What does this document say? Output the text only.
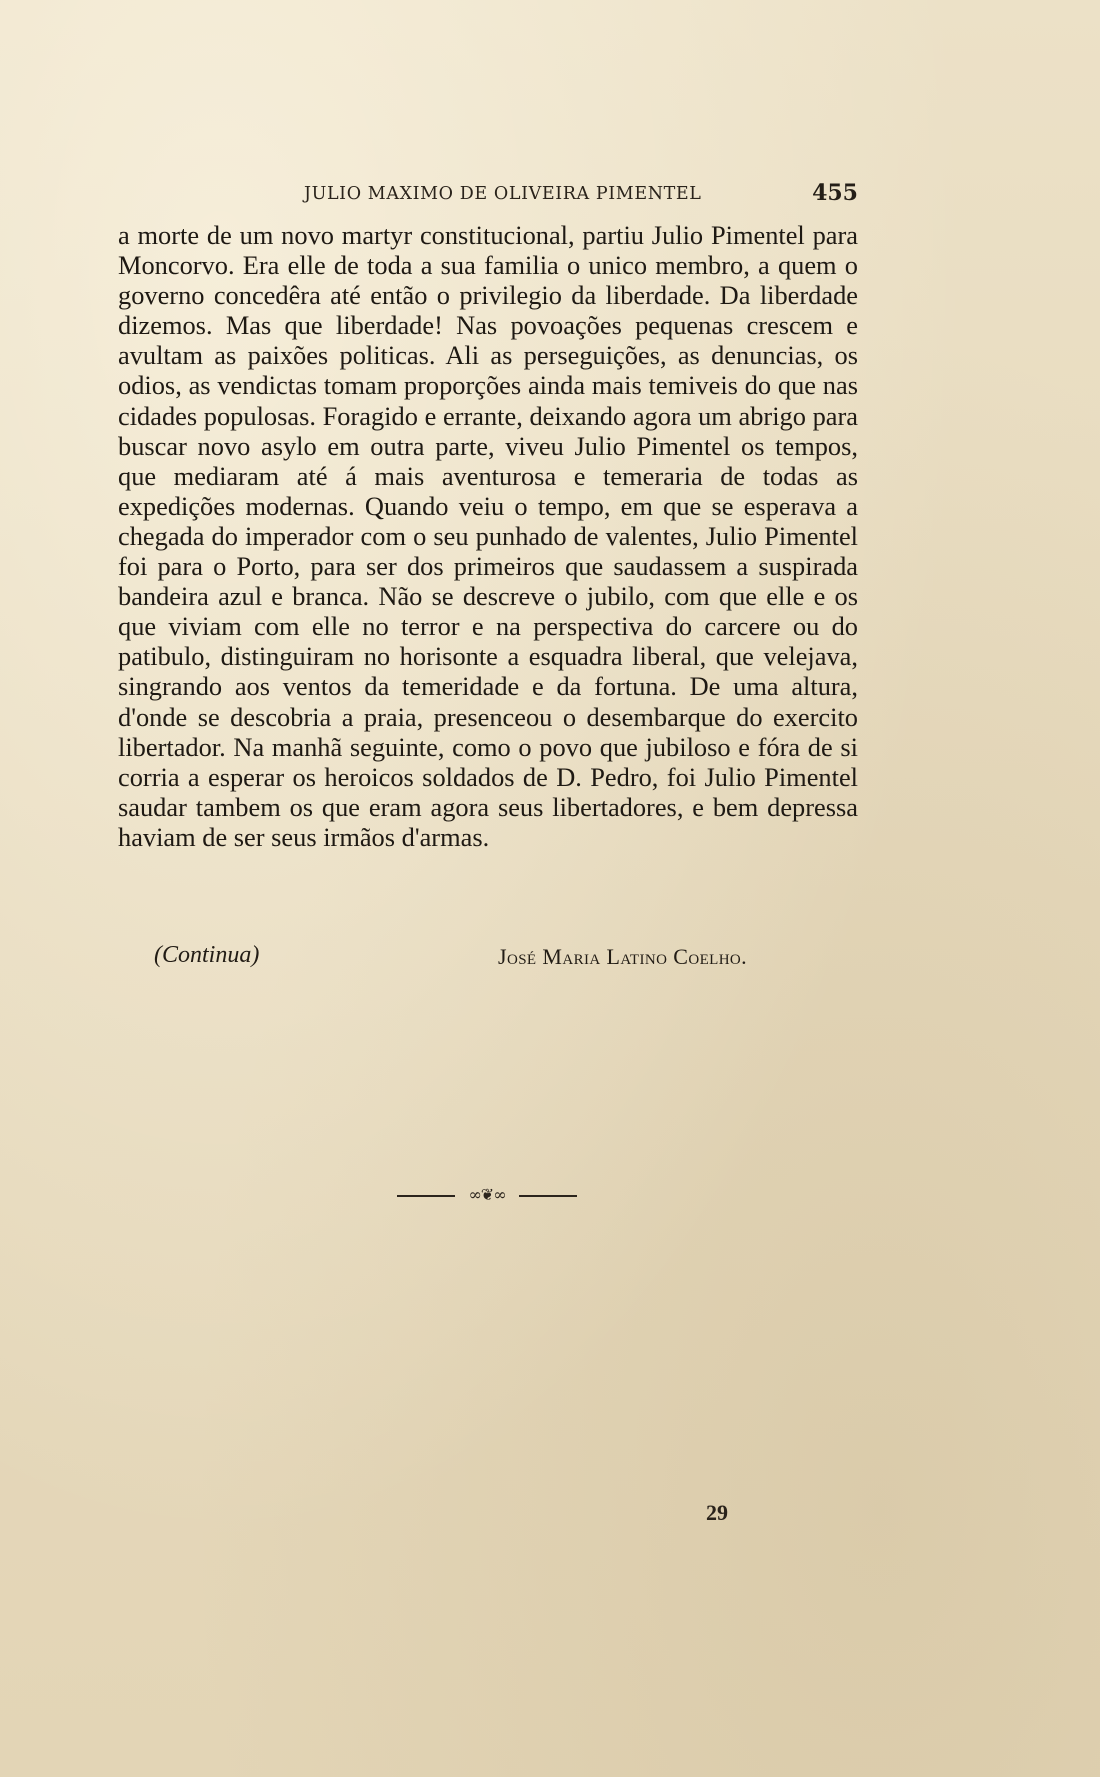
JULIO MAXIMO DE OLIVEIRA PIMENTEL	455

a morte de um novo martyr constitucional, partiu Julio Pimentel para Moncorvo. Era elle de toda a sua familia o unico membro, a quem o governo concedêra até então o privilegio da liberdade. Da liberdade dizemos. Mas que liberdade! Nas povoações pequenas crescem e avultam as paixões politicas. Ali as perseguições, as denuncias, os odios, as vendictas tomam proporções ainda mais temiveis do que nas cidades populosas. Foragido e errante, deixando agora um abrigo para buscar novo asylo em outra parte, viveu Julio Pimentel os tempos, que mediaram até á mais aventurosa e temeraria de todas as expedições modernas. Quando veiu o tempo, em que se esperava a chegada do imperador com o seu punhado de valentes, Julio Pimentel foi para o Porto, para ser dos primeiros que saudassem a suspirada bandeira azul e branca. Não se descreve o jubilo, com que elle e os que viviam com elle no terror e na perspectiva do carcere ou do patibulo, distinguiram no horisonte a esquadra liberal, que velejava, singrando aos ventos da temeridade e da fortuna. De uma altura, d'onde se descobria a praia, presenceou o desembarque do exercito libertador. Na manhã seguinte, como o povo que jubiloso e fóra de si corria a esperar os heroicos soldados de D. Pedro, foi Julio Pimentel saudar tambem os que eram agora seus libertadores, e bem depressa haviam de ser seus irmãos d'armas.

(Continua)	José Maria Latino Coelho.
∞❦∞
29
